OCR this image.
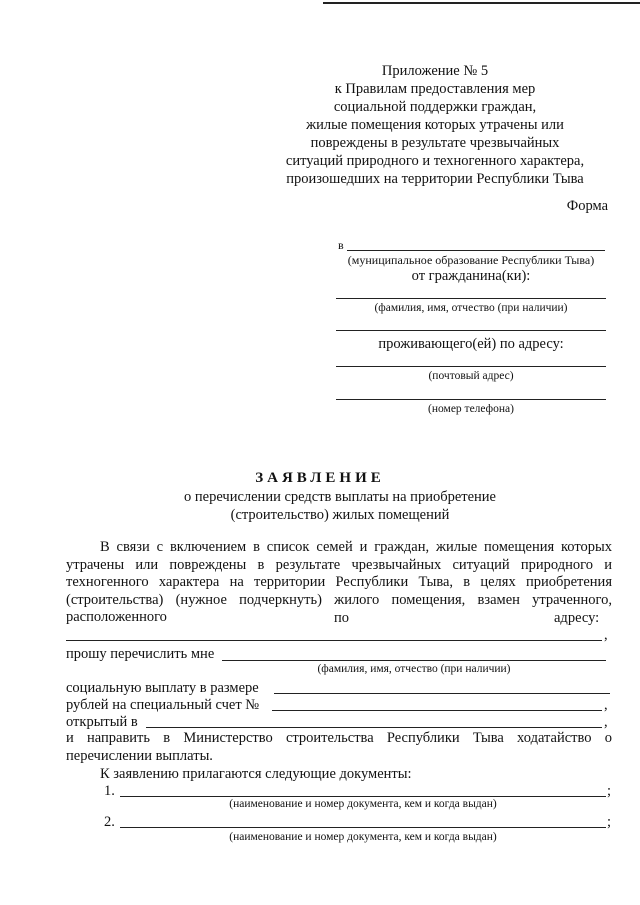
Приложение № 5
к Правилам предоставления мер
социальной поддержки граждан,
жилые помещения которых утрачены или
повреждены в результате чрезвычайных
ситуаций природного и техногенного характера,
произошедших на территории Республики Тыва
Форма
в
(муниципальное образование Республики Тыва)
от гражданина(ки):
(фамилия, имя, отчество (при наличии)
проживающего(ей) по адресу:
(почтовый адрес)
(номер телефона)
ЗАЯВЛЕНИЕ
о перечислении средств выплаты на приобретение
(строительство) жилых помещений
В связи с включением в список семей и граждан, жилые помещения которых утрачены или повреждены в результате чрезвычайных ситуаций природного и техногенного характера на территории Республики Тыва, в целях приобретения (строительства) (нужное подчеркнуть) жилого помещения, взамен утраченного, расположенного	по	адресу:
,
прошу перечислить мне
(фамилия, имя, отчество (при наличии)
социальную выплату в размере
рублей на специальный счет №	,
открытый в	,
и направить в Министерство строительства Республики Тыва ходатайство о перечислении выплаты.
К заявлению прилагаются следующие документы:
1.	;
(наименование и номер документа, кем и когда выдан)
2.	;
(наименование и номер документа, кем и когда выдан)
